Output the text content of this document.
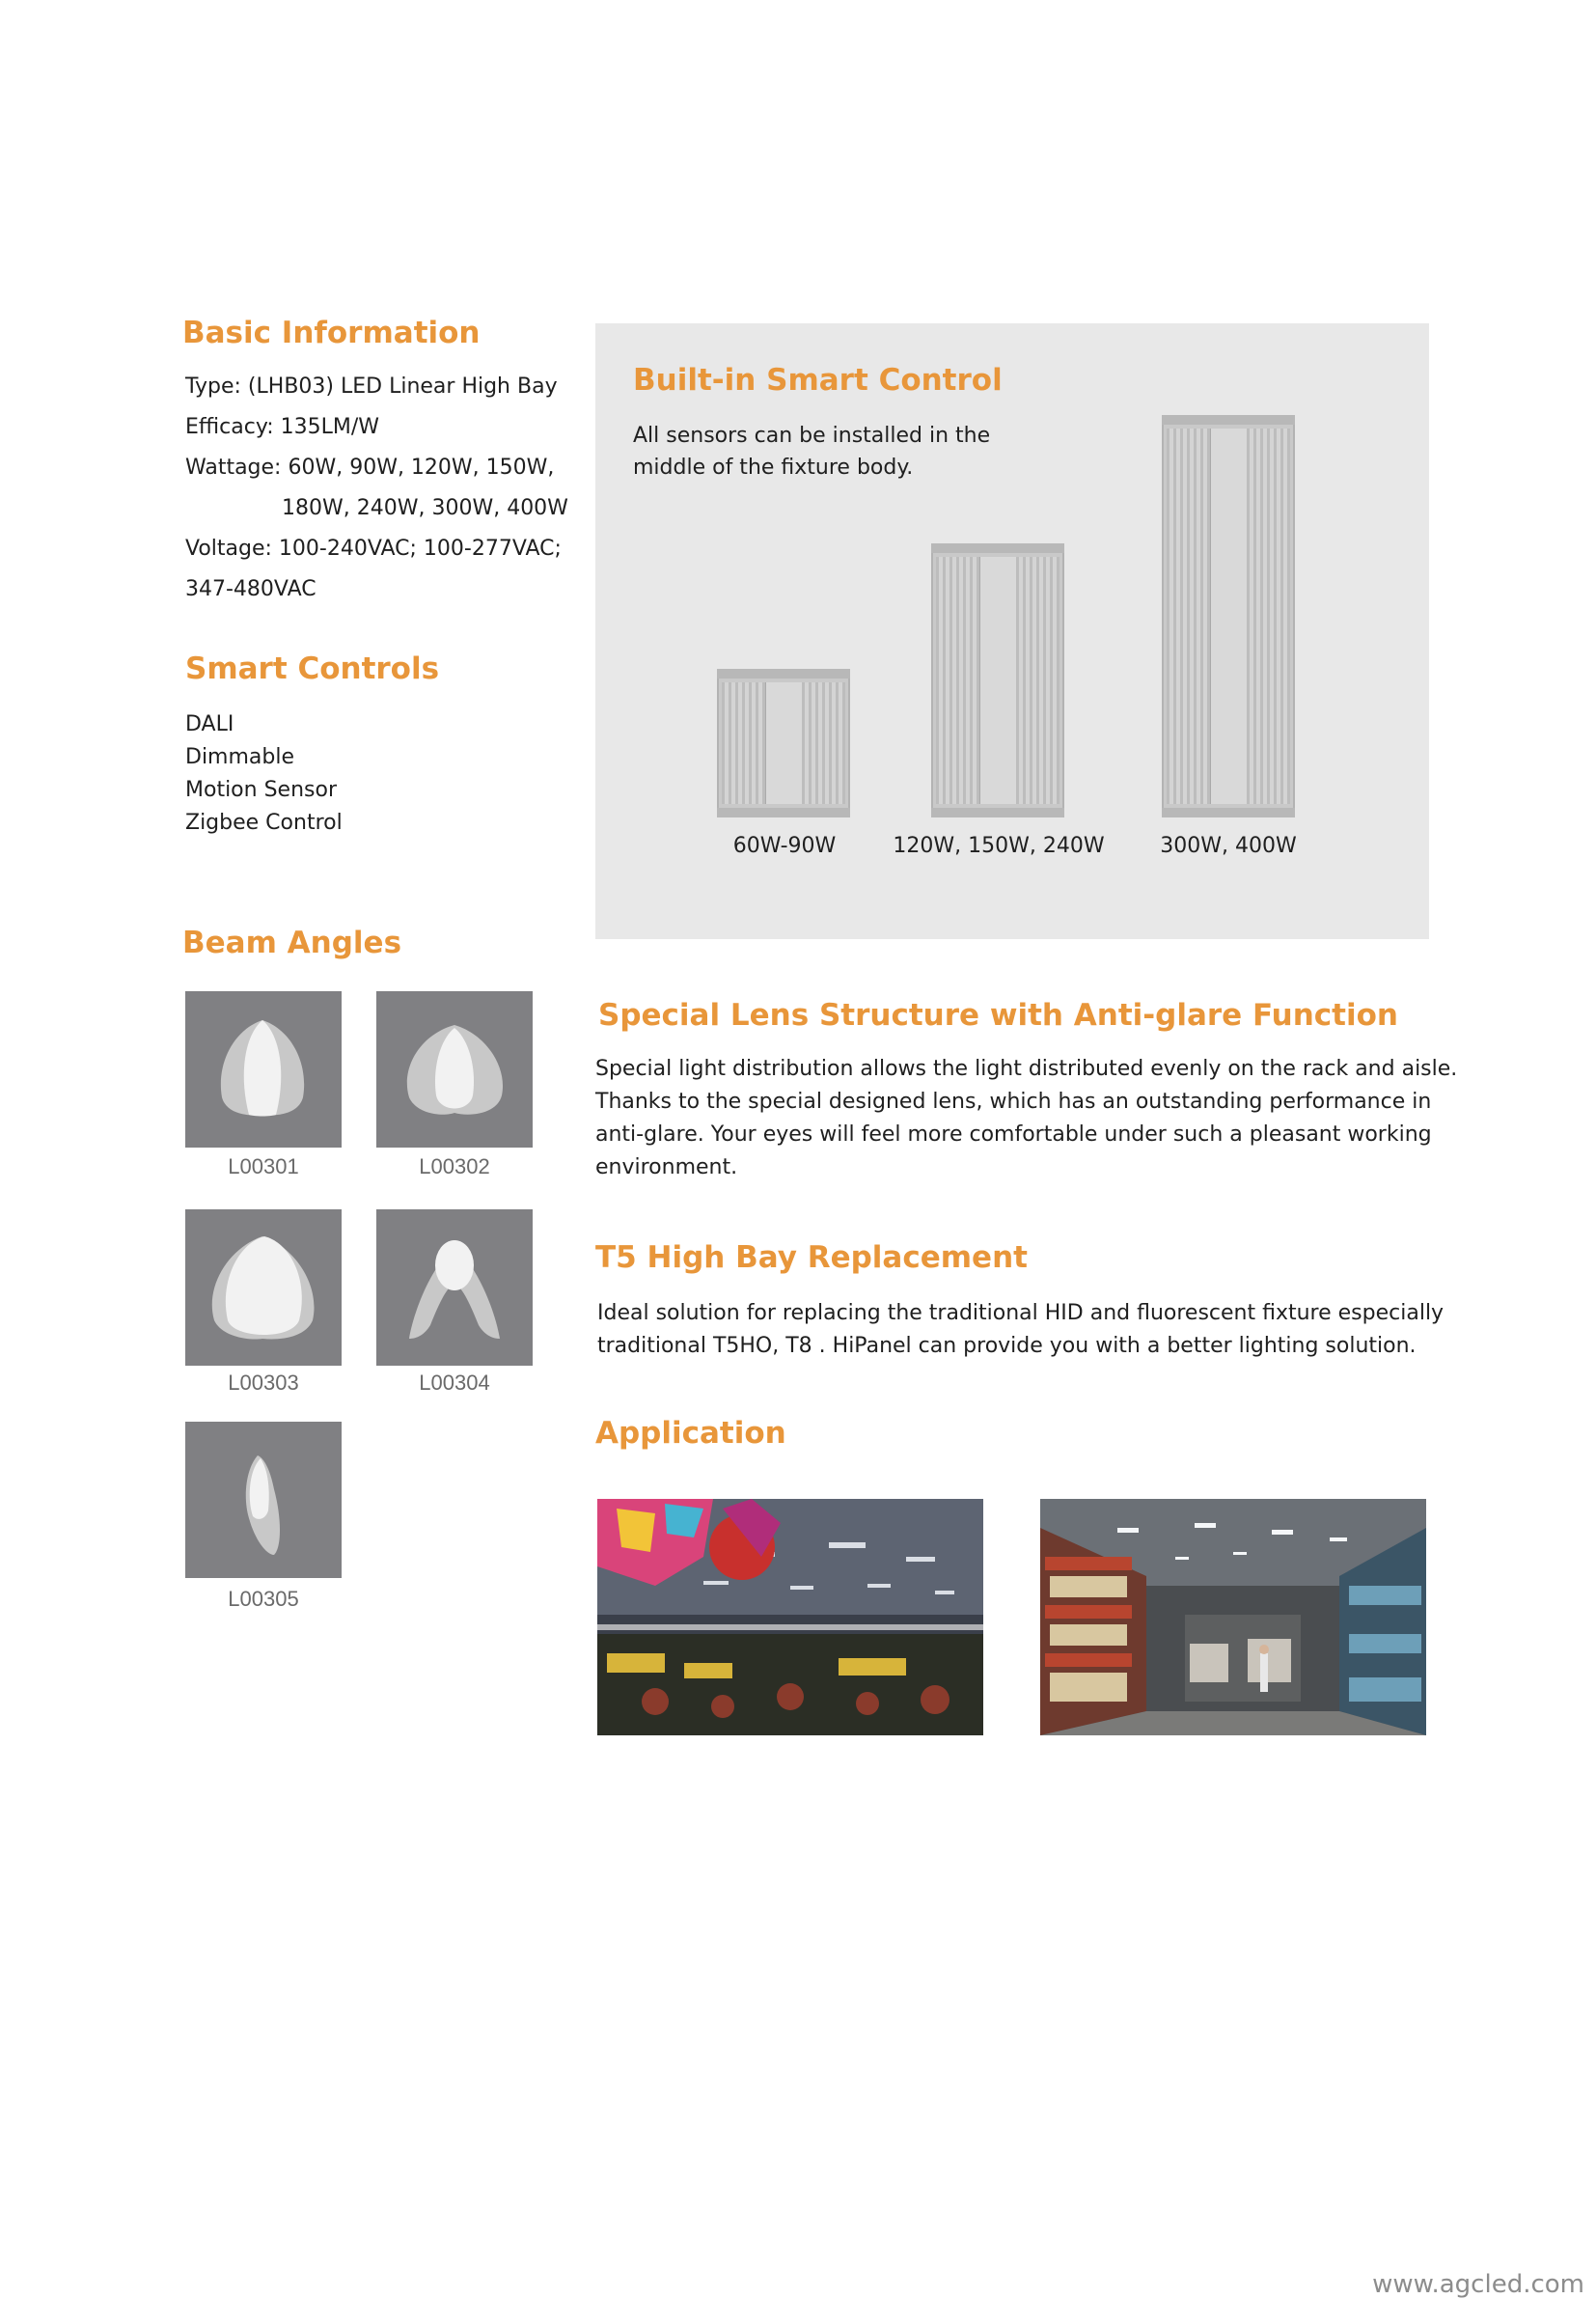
Basic Information
Type: (LHB03) LED Linear High Bay
Efficacy: 135LM/W
Wattage: 60W, 90W, 120W, 150W,
180W, 240W, 300W, 400W
Voltage: 100-240VAC; 100-277VAC;
347-480VAC
Smart Controls
DALI
Dimmable
Motion Sensor
Zigbee Control
Beam Angles
L00301	L00302
L00303	L00304
L00305
Built-in Smart Control
All sensors can be installed in the
middle of the fixture body.
60W-90W	120W, 150W, 240W	300W, 400W
Special Lens Structure with Anti-glare Function
Special light distribution allows the light distributed evenly on the rack and aisle.
Thanks to the special designed lens, which has an outstanding performance in
anti-glare. Your eyes will feel more comfortable under such a pleasant working
environment.
T5 High Bay Replacement
Ideal solution for replacing the traditional HID and fluorescent fixture especially
traditional T5HO, T8 . HiPanel can provide you with a better lighting solution.
Application
www.agcled.com
